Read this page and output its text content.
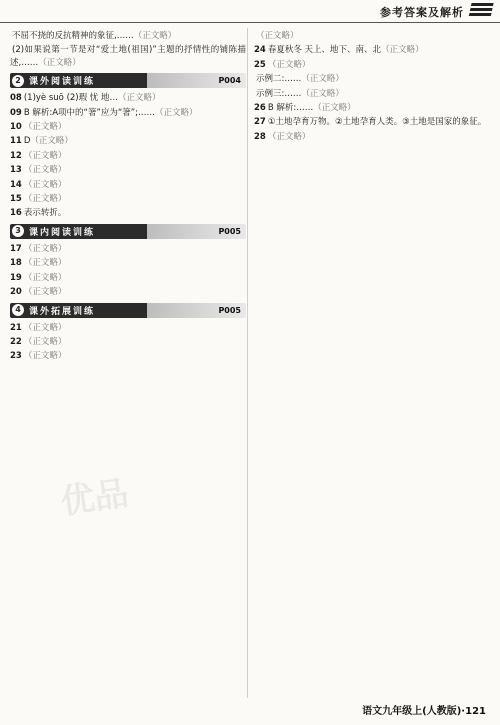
参考答案及解析
优品
不屈不挠的反抗精神的象征,……（正文略）
(2)如果说第一节是对“爱土地(祖国)”主题的抒情性的铺陈描述,……（正文略）
2 课外阅读训练	P004
08 (1)yè suō (2)瑕 忧 地…（正文略）
09 B 解析:A项中的“箸”应为“箸”;……（正文略）
10 （正文略）
11 D（正文略）
12 （正文略）
13 （正文略）
14 （正文略）
15 （正文略）
16 表示转折。
3 课内阅读训练	P005
17 （正文略）
18 （正文略）
19 （正文略）
20 （正文略）
4 课外拓展训练	P005
21 （正文略）
22 （正文略）
23 （正文略）
（正文略）
24 春夏秋冬 天上、地下、南、北（正文略）
25 （正文略）
示例二:……（正文略）
示例三:……（正文略）
26 B 解析:……（正文略）
27 ①土地孕育万物。②土地孕育人类。③土地是国家的象征。
28 （正文略）
语文九年级上(人教版)·121
